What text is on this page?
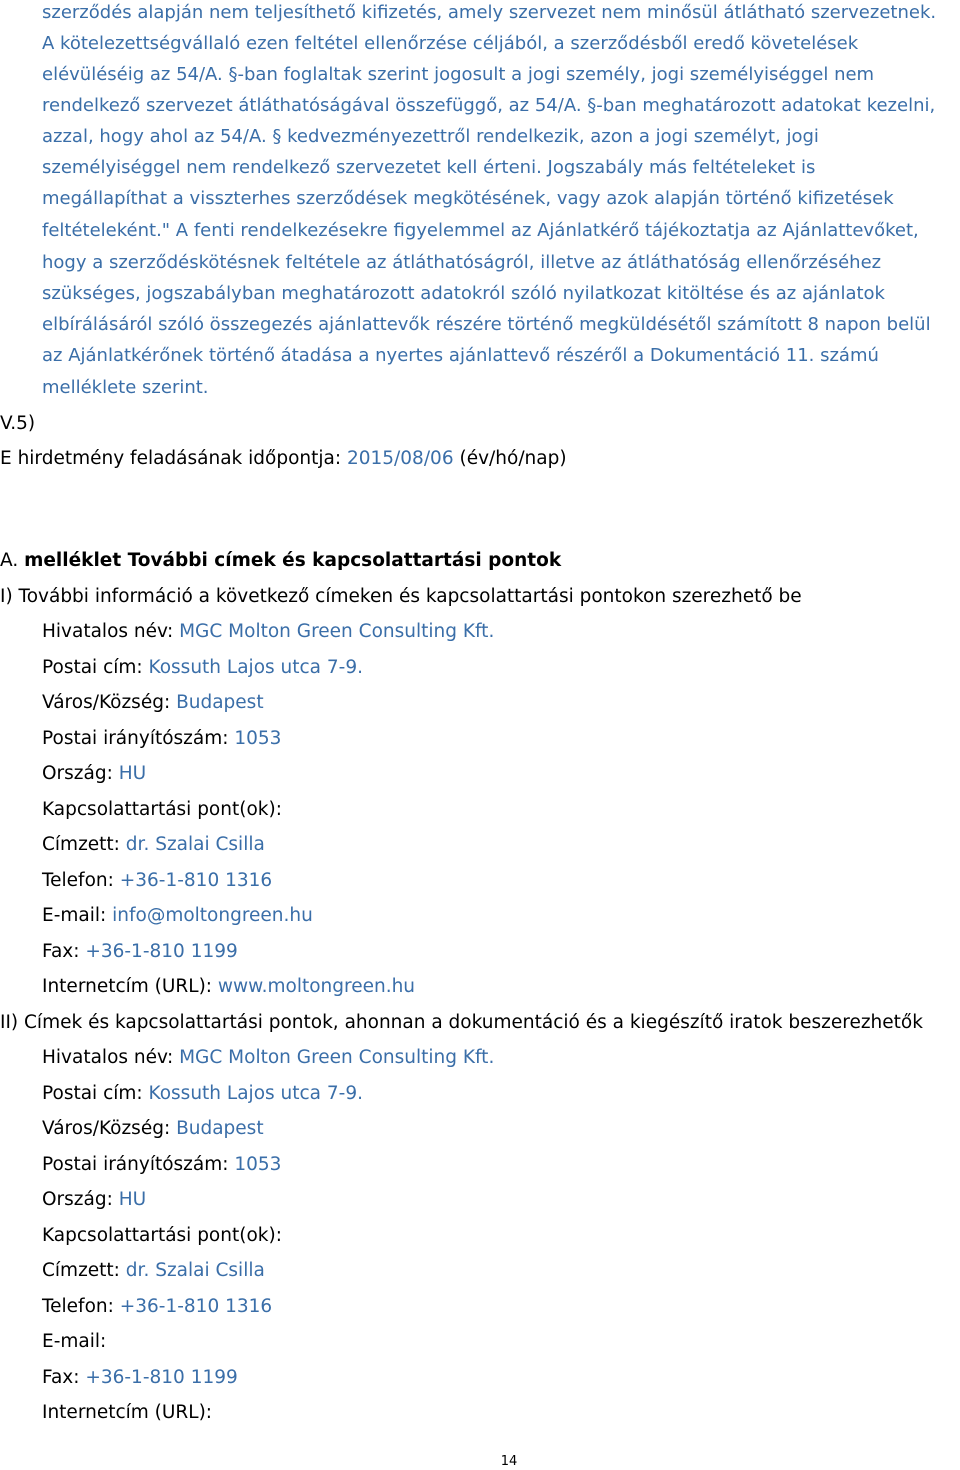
szerződés alapján nem teljesíthető kifizetés, amely szervezet nem minősül átlátható szervezetnek.
A kötelezettségvállaló ezen feltétel ellenőrzése céljából, a szerződésből eredő követelések
elévüléséig az 54/A. §-ban foglaltak szerint jogosult a jogi személy, jogi személyiséggel nem
rendelkező szervezet átláthatóságával összefüggő, az 54/A. §-ban meghatározott adatokat kezelni,
azzal, hogy ahol az 54/A. § kedvezményezettről rendelkezik, azon a jogi személyt, jogi
személyiséggel nem rendelkező szervezetet kell érteni. Jogszabály más feltételeket is
megállapíthat a visszterhes szerződések megkötésének, vagy azok alapján történő kifizetések
feltételeként." A fenti rendelkezésekre figyelemmel az Ajánlatkérő tájékoztatja az Ajánlattevőket,
hogy a szerződéskötésnek feltétele az átláthatóságról, illetve az átláthatóság ellenőrzéséhez
szükséges, jogszabályban meghatározott adatokról szóló nyilatkozat kitöltése és az ajánlatok
elbírálásáról szóló összegezés ajánlattevők részére történő megküldésétől számított 8 napon belül
az Ajánlatkérőnek történő átadása a nyertes ajánlattevő részéről a Dokumentáció 11. számú
melléklete szerint.
V.5)
E hirdetmény feladásának időpontja: 2015/08/06 (év/hó/nap)
A. melléklet További címek és kapcsolattartási pontok
I) További információ a következő címeken és kapcsolattartási pontokon szerezhető be
Hivatalos név: MGC Molton Green Consulting Kft.
Postai cím: Kossuth Lajos utca 7-9.
Város/Község: Budapest
Postai irányítószám: 1053
Ország: HU
Kapcsolattartási pont(ok):
Címzett: dr. Szalai Csilla
Telefon: +36-1-810 1316
E-mail: info@moltongreen.hu
Fax: +36-1-810 1199
Internetcím (URL): www.moltongreen.hu
II) Címek és kapcsolattartási pontok, ahonnan a dokumentáció és a kiegészítő iratok beszerezhetők
Hivatalos név: MGC Molton Green Consulting Kft.
Postai cím: Kossuth Lajos utca 7-9.
Város/Község: Budapest
Postai irányítószám: 1053
Ország: HU
Kapcsolattartási pont(ok):
Címzett: dr. Szalai Csilla
Telefon: +36-1-810 1316
E-mail:
Fax: +36-1-810 1199
Internetcím (URL):
14
